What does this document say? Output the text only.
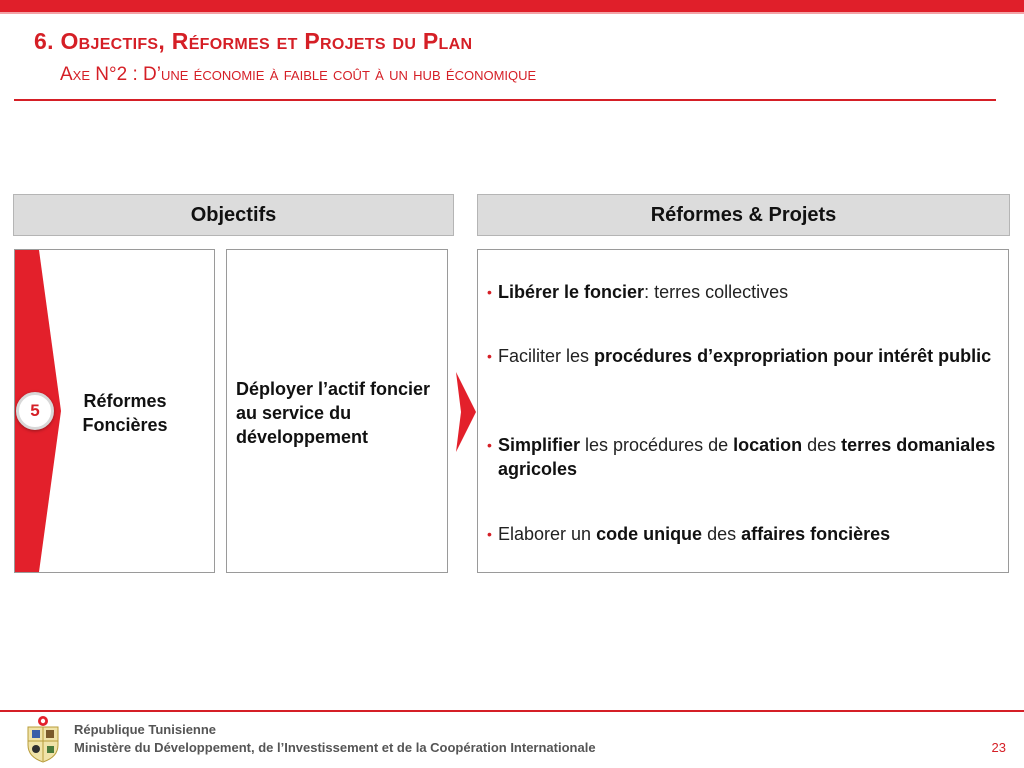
6. Objectifs, Réformes et Projets du Plan
Axe N°2 : D’une économie à faible coût à un hub économique
Objectifs	Réformes & Projets
5	Réformes
Foncières
Déployer l’actif foncier au service du développement
• Libérer le foncier: terres collectives
• Faciliter les procédures d’expropriation pour intérêt public
• Simplifier les procédures de location des terres domaniales agricoles
• Elaborer un code unique des affaires foncières
République Tunisienne
Ministère du Développement, de l’Investissement et de la Coopération Internationale	23
